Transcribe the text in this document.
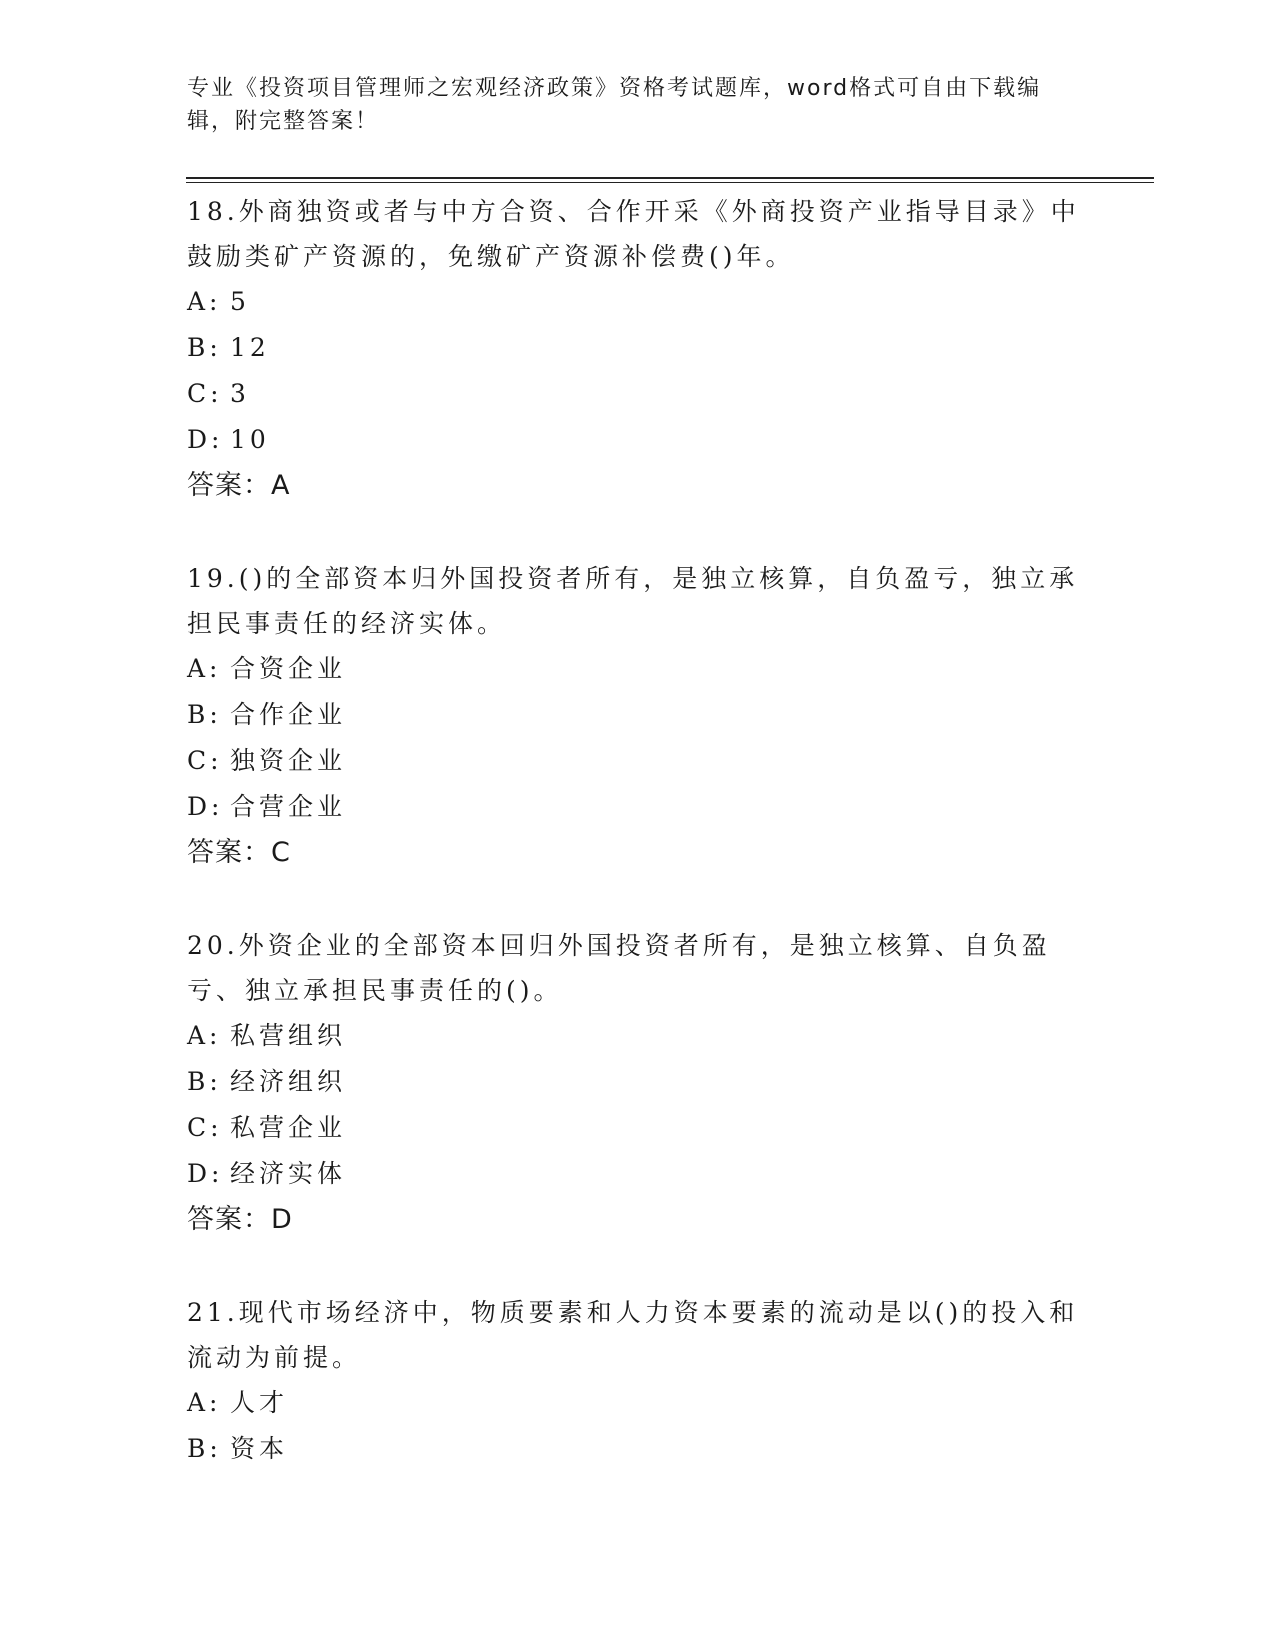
专业《投资项目管理师之宏观经济政策》资格考试题库，word格式可自由下载编辑，附完整答案！
18.外商独资或者与中方合资、合作开采《外商投资产业指导目录》中鼓励类矿产资源的，免缴矿产资源补偿费()年。
A: 5
B: 12
C: 3
D: 10
答案：A
19.()的全部资本归外国投资者所有，是独立核算，自负盈亏，独立承担民事责任的经济实体。
A: 合资企业
B: 合作企业
C: 独资企业
D: 合营企业
答案：C
20.外资企业的全部资本回归外国投资者所有，是独立核算、自负盈亏、独立承担民事责任的()。
A: 私营组织
B: 经济组织
C: 私营企业
D: 经济实体
答案：D
21.现代市场经济中，物质要素和人力资本要素的流动是以()的投入和流动为前提。
A: 人才
B: 资本
